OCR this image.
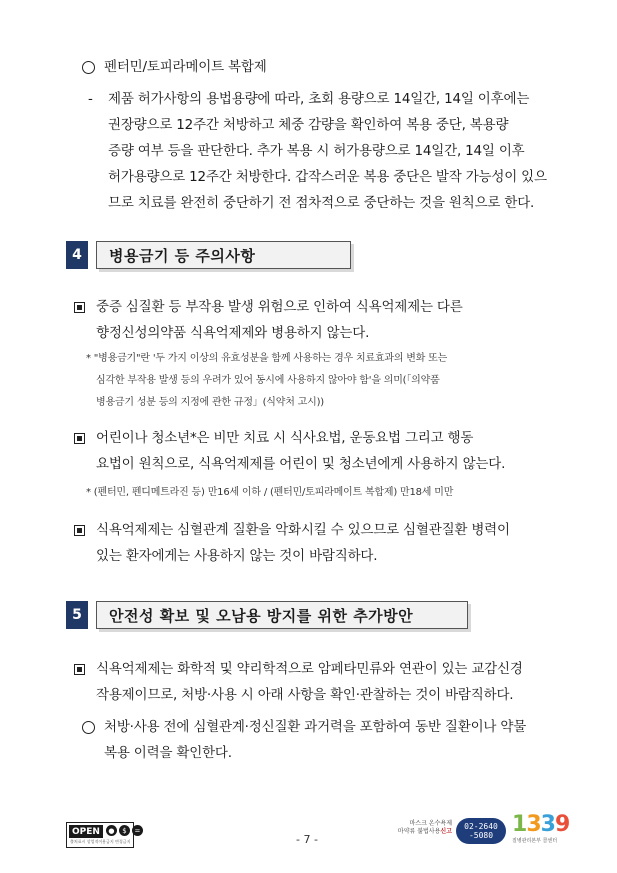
펜터민/토피라메이트 복합제
- 제품 허가사항의 용법용량에 따라, 초회 용량으로 14일간, 14일 이후에는
권장량으로 12주간 처방하고 체중 감량을 확인하여 복용 중단, 복용량
증량 여부 등을 판단한다. 추가 복용 시 허가용량으로 14일간, 14일 이후
허가용량으로 12주간 처방한다. 갑작스러운 복용 중단은 발작 가능성이 있으
므로 치료를 완전히 중단하기 전 점차적으로 중단하는 것을 원칙으로 한다.
4	병용금기 등 주의사항
중증 심질환 등 부작용 발생 위험으로 인하여 식욕억제제는 다른
향정신성의약품 식욕억제제와 병용하지 않는다.
* "병용금기"란 '두 가지 이상의 유효성분을 함께 사용하는 경우 치료효과의 변화 또는
심각한 부작용 발생 등의 우려가 있어 동시에 사용하지 않아야 함'을 의미(「의약품
병용금기 성분 등의 지정에 관한 규정」(식약처 고시))
어린이나 청소년*은 비만 치료 시 식사요법, 운동요법 그리고 행동
요법이 원칙으로, 식욕억제제를 어린이 및 청소년에게 사용하지 않는다.
* (펜터민, 펜디메트라진 등) 만16세 이하 / (펜터민/토피라메이트 복합제) 만18세 미만
식욕억제제는 심혈관계 질환을 악화시킬 수 있으므로 심혈관질환 병력이
있는 환자에게는 사용하지 않는 것이 바람직하다.
5	안전성 확보 및 오남용 방지를 위한 추가방안
식욕억제제는 화학적 및 약리학적으로 암페타민류와 연관이 있는 교감신경
작용제이므로, 처방·사용 시 아래 사항을 확인·관찰하는 것이 바람직하다.
처방·사용 전에 심혈관계·정신질환 과거력을 포함하여 동반 질환이나 약물
복용 이력을 확인한다.
OPEN	●	$	=
출처표시 상업적이용금지 변경금지	- 7 -
마스크 온수욕제
마약류 불법사용신고
02-2640
-5080 1339
질병관리본부 콜센터
